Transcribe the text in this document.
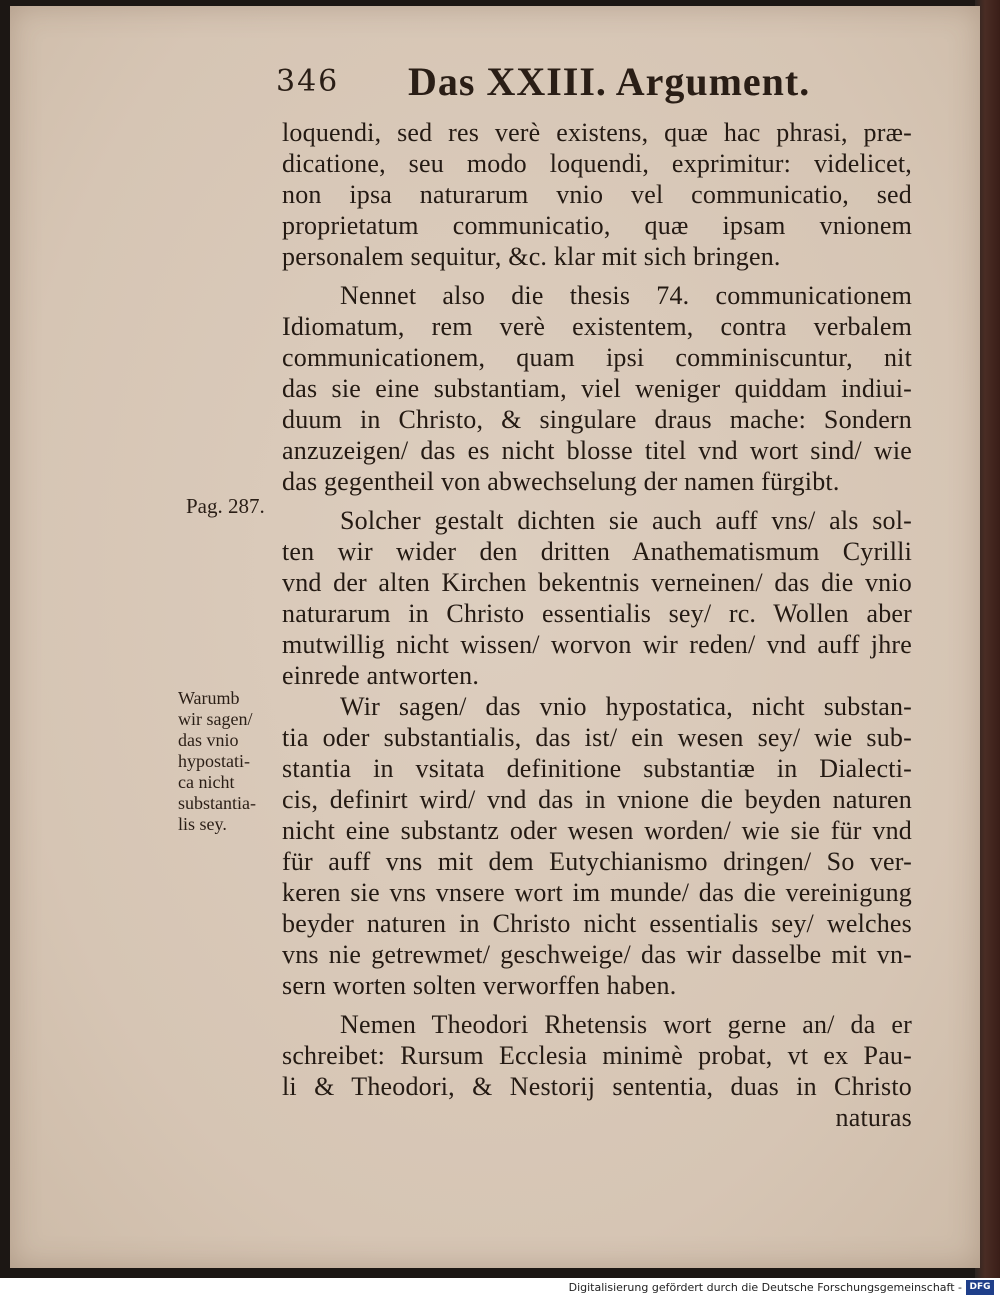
346 Das XXIII. Argument.
Pag. 287.
Warumb
wir sagen/
das vnio
hypostati-
ca nicht
substantia-
lis sey.
loquendi, sed res verè existens, quæ hac phrasi, præ-
dicatione, seu modo loquendi, exprimitur: videlicet,
non ipsa naturarum vnio vel communicatio, sed
proprietatum communicatio, quæ ipsam vnionem
personalem sequitur, &c. klar mit sich bringen.
Nennet also die thesis 74. communicationem
Idiomatum, rem verè existentem, contra verbalem
communicationem, quam ipsi comminiscuntur, nit
das sie eine substantiam, viel weniger quiddam indiui-
duum in Christo, & singulare draus mache: Sondern
anzuzeigen/ das es nicht blosse titel vnd wort sind/ wie
das gegentheil von abwechselung der namen fürgibt.
Solcher gestalt dichten sie auch auff vns/ als sol-
ten wir wider den dritten Anathematismum Cyrilli
vnd der alten Kirchen bekentnis verneinen/ das die vnio
naturarum in Christo essentialis sey/ rc. Wollen aber
mutwillig nicht wissen/ worvon wir reden/ vnd auff jhre
einrede antworten.
Wir sagen/ das vnio hypostatica, nicht substan-
tia oder substantialis, das ist/ ein wesen sey/ wie sub-
stantia in vsitata definitione substantiæ in Dialecti-
cis, definirt wird/ vnd das in vnione die beyden naturen
nicht eine substantz oder wesen worden/ wie sie für vnd
für auff vns mit dem Eutychianismo dringen/ So ver-
keren sie vns vnsere wort im munde/ das die vereinigung
beyder naturen in Christo nicht essentialis sey/ welches
vns nie getrewmet/ geschweige/ das wir dasselbe mit vn-
sern worten solten verworffen haben.
Nemen Theodori Rhetensis wort gerne an/ da er
schreibet: Rursum Ecclesia minimè probat, vt ex Pau-
li & Theodori, & Nestorij sententia, duas in Christo
naturas
Digitalisierung gefördert durch die Deutsche Forschungsgemeinschaft - DFG
